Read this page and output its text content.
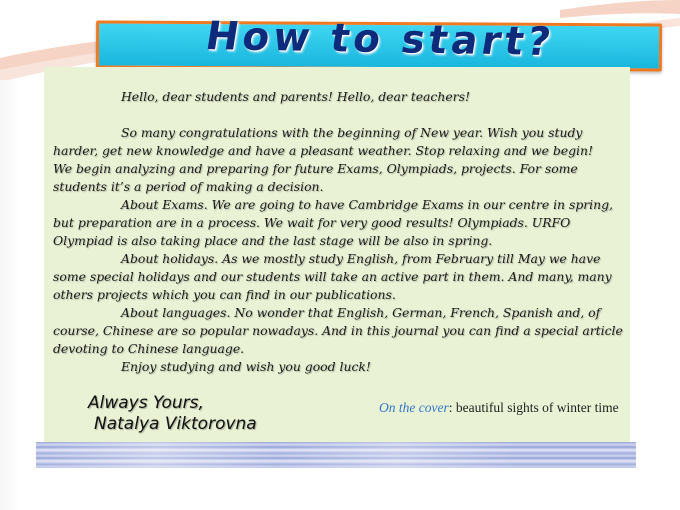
How to start?

Hello, dear students and parents! Hello, dear teachers!

So many congratulations with the beginning of New year. Wish you study harder, get new knowledge and have a pleasant weather. Stop relaxing and we begin!

We begin analyzing and preparing for future Exams, Olympiads, projects. For some students it’s a period of making a decision.

About Exams. We are going to have Cambridge Exams in our centre in spring, but preparation are in a process. We wait for very good results! Olympiads. URFO Olympiad is also taking place and the last stage will be also in spring.

About holidays. As we mostly study English, from February till May we have some special holidays and our students will take an active part in them. And many, many others projects which you can find in our publications.

About languages. No wonder that English, German, French, Spanish and, of course, Chinese are so popular nowadays. And in this journal you can find a special article devoting to Chinese language.

Enjoy studying and wish you good luck!

Always Yours,
Natalya Viktorovna
On the cover: beautiful sights of winter time
